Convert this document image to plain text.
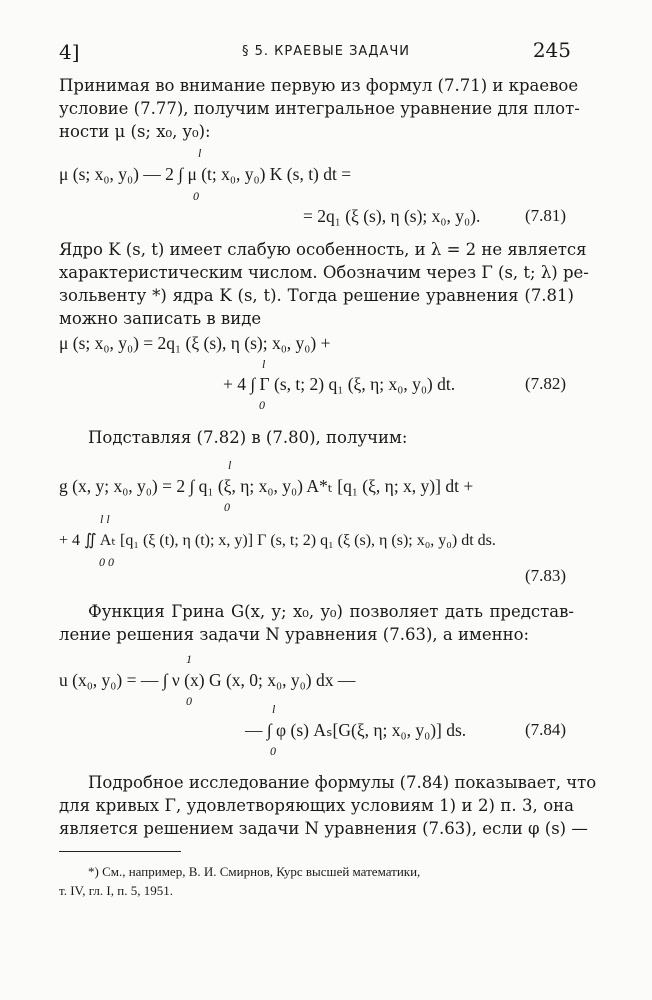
4]	§ 5. КРАЕВЫЕ ЗАДАЧИ	245
Принимая во внимание первую из формул (7.71) и краевое
условие (7.77), получим интегральное уравнение для плот-
ности μ (s; x₀, y₀):
l
μ (s; x₀, y₀) — 2 ∫ μ (t; x₀, y₀) K (s, t) dt =
0
= 2q₁ (ξ (s), η (s); x₀, y₀).	(7.81)
Ядро K (s, t) имеет слабую особенность, и λ = 2 не является
характеристическим числом. Обозначим через Γ (s, t; λ) ре-
зольвенту *) ядра K (s, t). Тогда решение уравнения (7.81)
можно записать в виде
μ (s; x₀, y₀) = 2q₁ (ξ (s), η (s); x₀, y₀) +
l
+ 4 ∫ Γ (s, t; 2) q₁ (ξ, η; x₀, y₀) dt.
0
(7.82)
Подставляя (7.82) в (7.80), получим:
l
g (x, y; x₀, y₀) = 2 ∫ q₁ (ξ, η; x₀, y₀) A*ₜ [q₁ (ξ, η; x, y)] dt +
0
l l
+ 4 ∬ Aₜ [q₁ (ξ (t), η (t); x, y)] Γ (s, t; 2) q₁ (ξ (s), η (s); x₀, y₀) dt ds.
0 0
(7.83)
Функция Грина G(x, y; x₀, y₀) позволяет дать представ-
ление решения задачи N уравнения (7.63), а именно:
1
u (x₀, y₀) = — ∫ ν (x) G (x, 0; x₀, y₀) dx —
0
l
— ∫ φ (s) Aₛ[G(ξ, η; x₀, y₀)] ds.
0
(7.84)
Подробное исследование формулы (7.84) показывает, что
для кривых Γ, удовлетворяющих условиям 1) и 2) п. 3, она
является решением задачи N уравнения (7.63), если φ (s) —
*) См., например, В. И. Смирнов, Курс высшей математики,
т. IV, гл. I, п. 5, 1951.
